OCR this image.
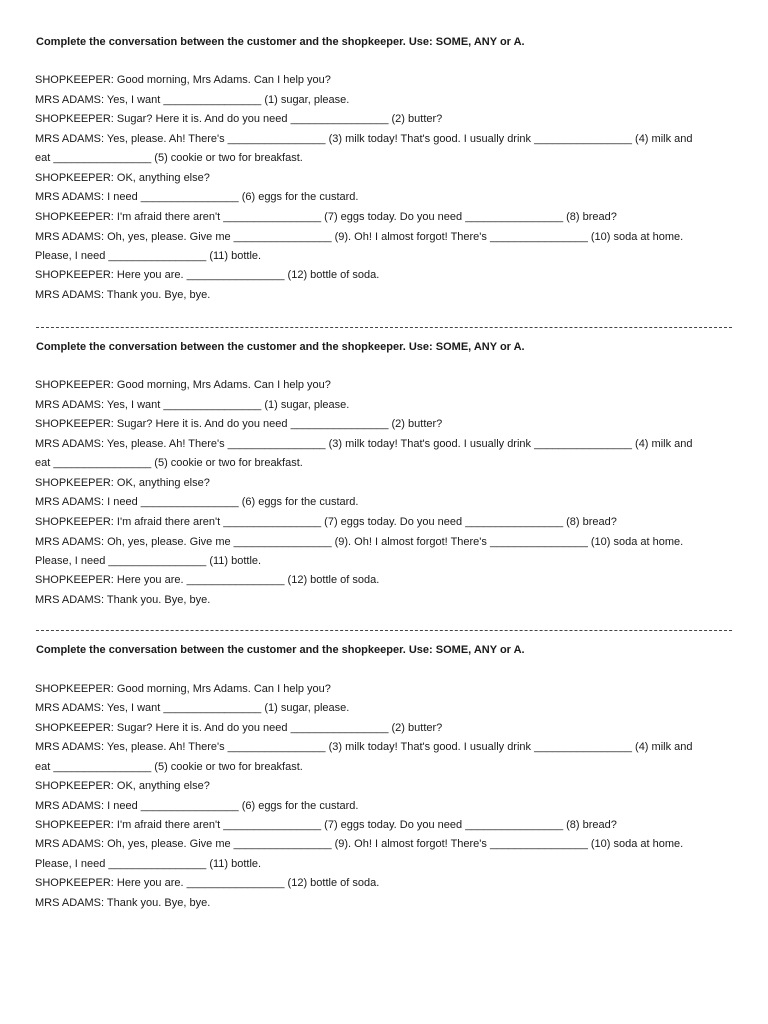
Complete the conversation between the customer and the shopkeeper. Use: SOME, ANY or A.

SHOPKEEPER: Good morning, Mrs Adams. Can I help you?

MRS ADAMS: Yes, I want ________________ (1) sugar, please.

SHOPKEEPER: Sugar? Here it is. And do you need ________________ (2) butter?

MRS ADAMS: Yes, please. Ah! There's ________________ (3) milk today! That's good. I usually drink ________________ (4) milk and

eat ________________ (5) cookie or two for breakfast.

SHOPKEEPER: OK, anything else?

MRS ADAMS: I need ________________ (6) eggs for the custard.

SHOPKEEPER: I'm afraid there aren't ________________ (7) eggs today. Do you need ________________ (8) bread?

MRS ADAMS: Oh, yes, please. Give me ________________ (9). Oh! I almost forgot! There's ________________ (10) soda at home.

Please, I need ________________ (11) bottle.

SHOPKEEPER: Here you are. ________________ (12) bottle of soda.

MRS ADAMS: Thank you. Bye, bye.

Complete the conversation between the customer and the shopkeeper. Use: SOME, ANY or A.

SHOPKEEPER: Good morning, Mrs Adams. Can I help you?

MRS ADAMS: Yes, I want ________________ (1) sugar, please.

SHOPKEEPER: Sugar? Here it is. And do you need ________________ (2) butter?

MRS ADAMS: Yes, please. Ah! There's ________________ (3) milk today! That's good. I usually drink ________________ (4) milk and

eat ________________ (5) cookie or two for breakfast.

SHOPKEEPER: OK, anything else?

MRS ADAMS: I need ________________ (6) eggs for the custard.

SHOPKEEPER: I'm afraid there aren't ________________ (7) eggs today. Do you need ________________ (8) bread?

MRS ADAMS: Oh, yes, please. Give me ________________ (9). Oh! I almost forgot! There's ________________ (10) soda at home.

Please, I need ________________ (11) bottle.

SHOPKEEPER: Here you are. ________________ (12) bottle of soda.

MRS ADAMS: Thank you. Bye, bye.

Complete the conversation between the customer and the shopkeeper. Use: SOME, ANY or A.

SHOPKEEPER: Good morning, Mrs Adams. Can I help you?

MRS ADAMS: Yes, I want ________________ (1) sugar, please.

SHOPKEEPER: Sugar? Here it is. And do you need ________________ (2) butter?

MRS ADAMS: Yes, please. Ah! There's ________________ (3) milk today! That's good. I usually drink ________________ (4) milk and

eat ________________ (5) cookie or two for breakfast.

SHOPKEEPER: OK, anything else?

MRS ADAMS: I need ________________ (6) eggs for the custard.

SHOPKEEPER: I'm afraid there aren't ________________ (7) eggs today. Do you need ________________ (8) bread?

MRS ADAMS: Oh, yes, please. Give me ________________ (9). Oh! I almost forgot! There's ________________ (10) soda at home.

Please, I need ________________ (11) bottle.

SHOPKEEPER: Here you are. ________________ (12) bottle of soda.

MRS ADAMS: Thank you. Bye, bye.
